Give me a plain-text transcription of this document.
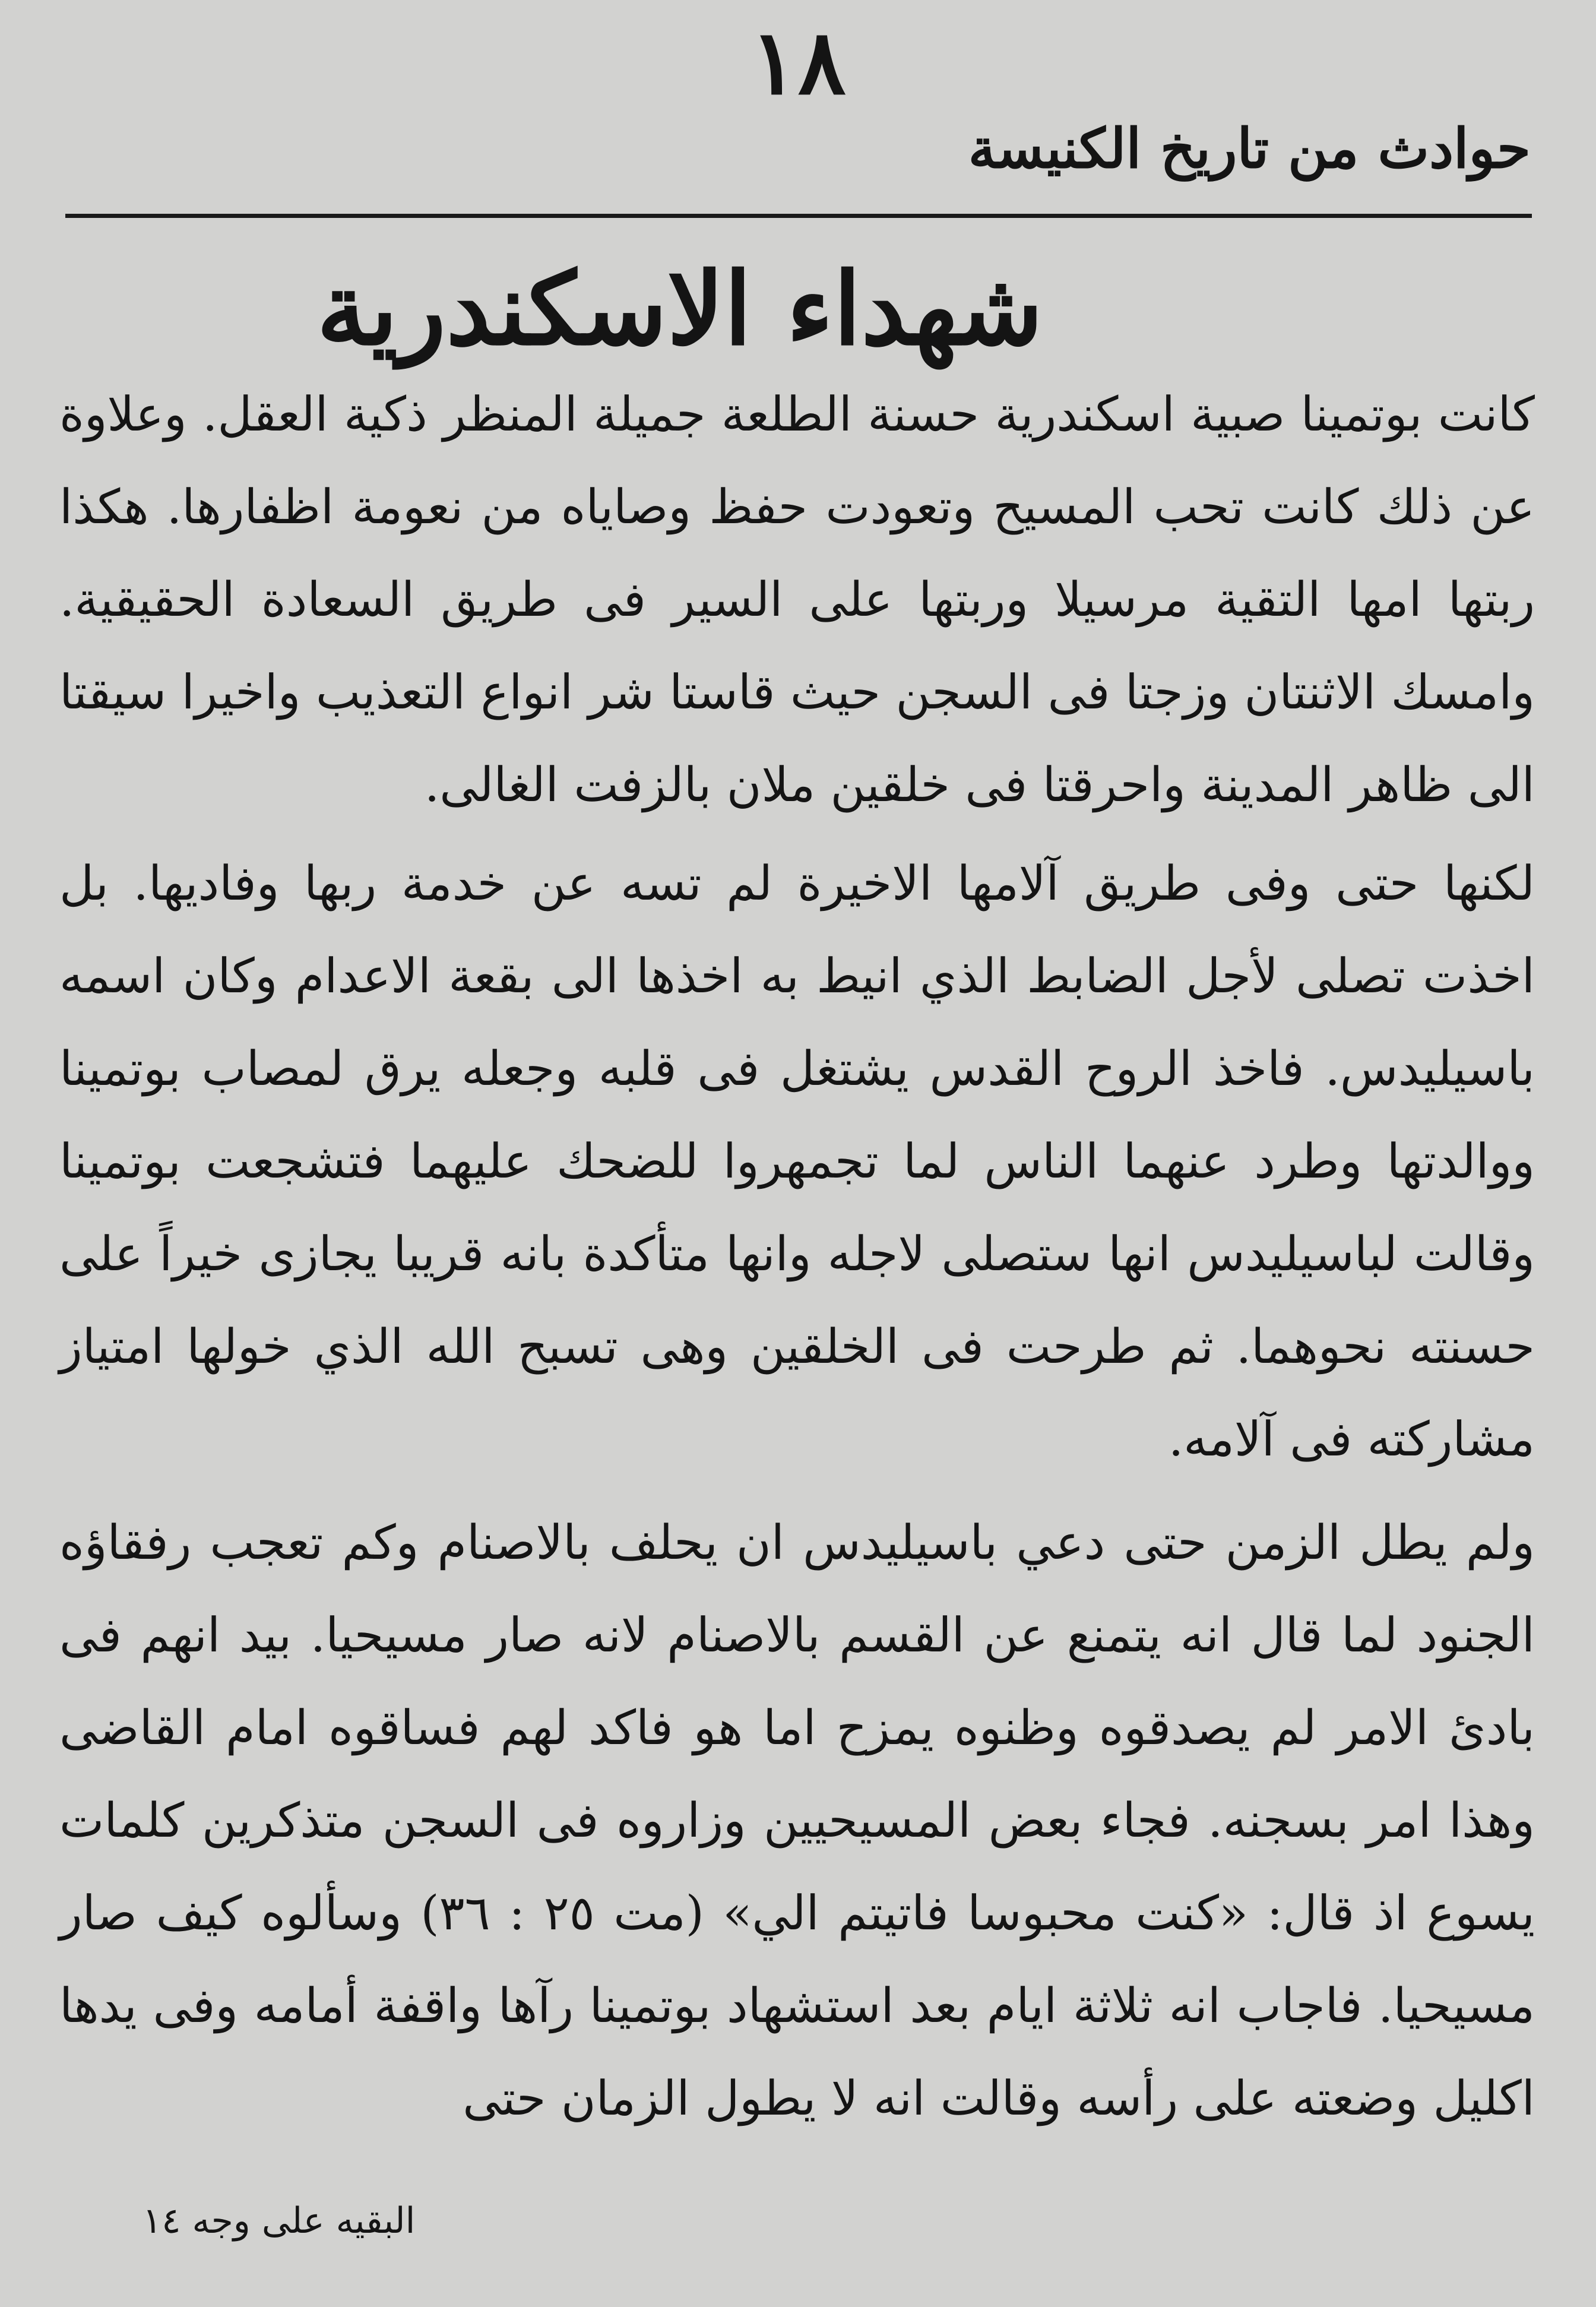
١٨
حوادث من تاريخ الكنيسة
شهداء الاسكندرية

كانت بوتمينا صبية اسكندرية حسنة الطلعة جميلة المنظر ذكية العقل. وعلاوة عن ذلك كانت تحب المسيح وتعودت حفظ وصاياه من نعومة اظفارها. هكذا ربتها امها التقية مرسيلا وربتها على السير فى طريق السعادة الحقيقية. وامسك الاثنتان وزجتا فى السجن حيث قاستا شر انواع التعذيب واخيرا سيقتا الى ظاهر المدينة واحرقتا فى خلقين ملان بالزفت الغالى.

لكنها حتى وفى طريق آلامها الاخيرة لم تسه عن خدمة ربها وفاديها. بل اخذت تصلى لأجل الضابط الذي انيط به اخذها الى بقعة الاعدام وكان اسمه باسيليدس. فاخذ الروح القدس يشتغل فى قلبه وجعله يرق لمصاب بوتمينا ووالدتها وطرد عنهما الناس لما تجمهروا للضحك عليهما فتشجعت بوتمينا وقالت لباسيليدس انها ستصلى لاجله وانها متأكدة بانه قريبا يجازى خيراً على حسنته نحوهما. ثم طرحت فى الخلقين وهى تسبح الله الذي خولها امتياز مشاركته فى آلامه.

ولم يطل الزمن حتى دعي باسيليدس ان يحلف بالاصنام وكم تعجب رفقاؤه الجنود لما قال انه يتمنع عن القسم بالاصنام لانه صار مسيحيا. بيد انهم فى بادئ الامر لم يصدقوه وظنوه يمزح اما هو فاكد لهم فساقوه امام القاضى وهذا امر بسجنه. فجاء بعض المسيحيين وزاروه فى السجن متذكرين كلمات يسوع اذ قال: «كنت محبوسا فاتيتم الي» (مت ٢٥ : ٣٦) وسألوه كيف صار مسيحيا. فاجاب انه ثلاثة ايام بعد استشهاد بوتمينا رآها واقفة أمامه وفى يدها اكليل وضعته على رأسه وقالت انه لا يطول الزمان حتى

البقيه على وجه ١٤
